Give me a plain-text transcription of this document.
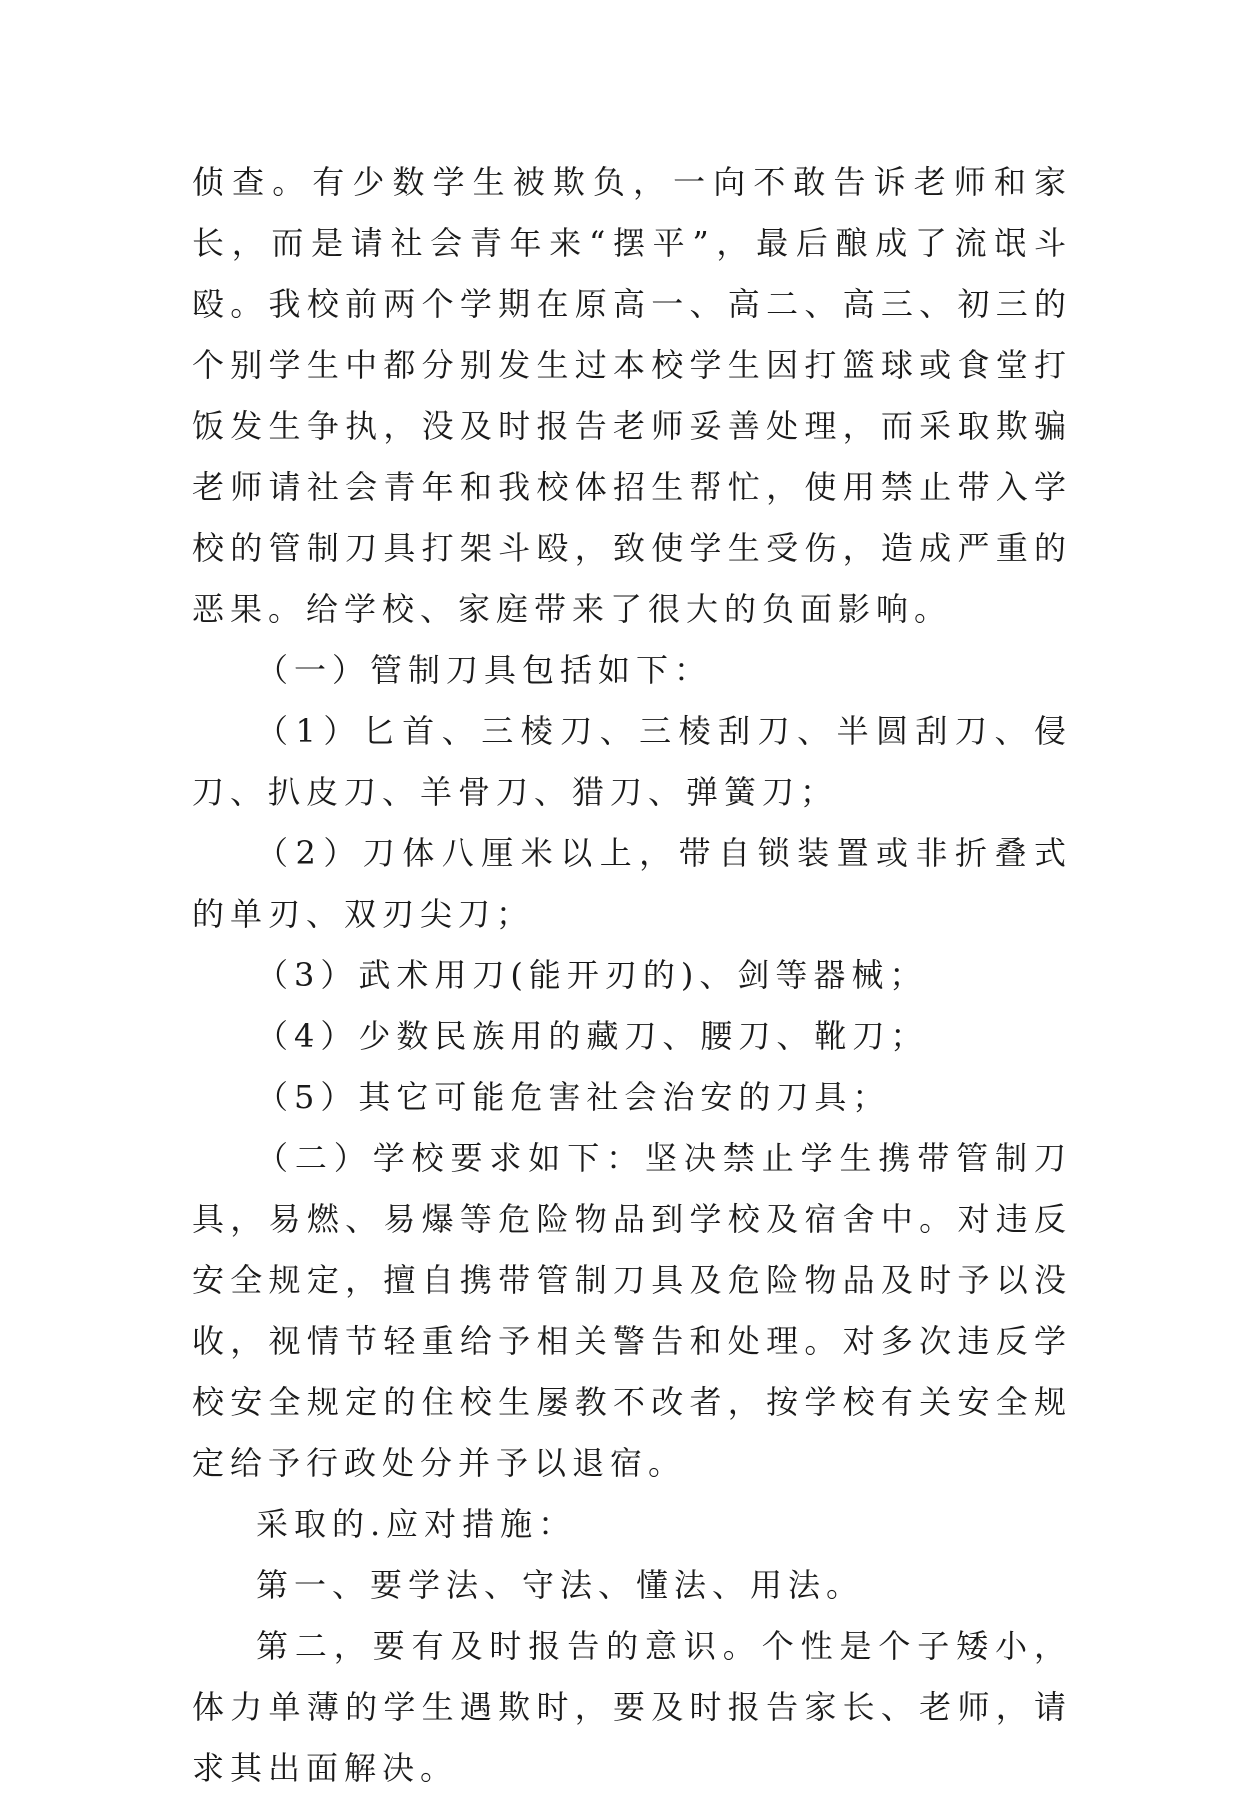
侦查。有少数学生被欺负，一向不敢告诉老师和家长，而是请社会青年来“摆平”，最后酿成了流氓斗殴。我校前两个学期在原高一、高二、高三、初三的个别学生中都分别发生过本校学生因打篮球或食堂打饭发生争执，没及时报告老师妥善处理，而采取欺骗老师请社会青年和我校体招生帮忙，使用禁止带入学校的管制刀具打架斗殴，致使学生受伤，造成严重的恶果。给学校、家庭带来了很大的负面影响。

（一）管制刀具包括如下：

（1）匕首、三棱刀、三棱刮刀、半圆刮刀、侵刀、扒皮刀、羊骨刀、猎刀、弹簧刀；

（2）刀体八厘米以上，带自锁装置或非折叠式的单刃、双刃尖刀；

（3）武术用刀(能开刃的)、剑等器械；

（4）少数民族用的藏刀、腰刀、靴刀；

（5）其它可能危害社会治安的刀具；

（二）学校要求如下：坚决禁止学生携带管制刀具，易燃、易爆等危险物品到学校及宿舍中。对违反安全规定，擅自携带管制刀具及危险物品及时予以没收，视情节轻重给予相关警告和处理。对多次违反学校安全规定的住校生屡教不改者，按学校有关安全规定给予行政处分并予以退宿。

采取的.应对措施：

第一、要学法、守法、懂法、用法。

第二，要有及时报告的意识。个性是个子矮小，体力单薄的学生遇欺时，要及时报告家长、老师，请求其出面解决。
